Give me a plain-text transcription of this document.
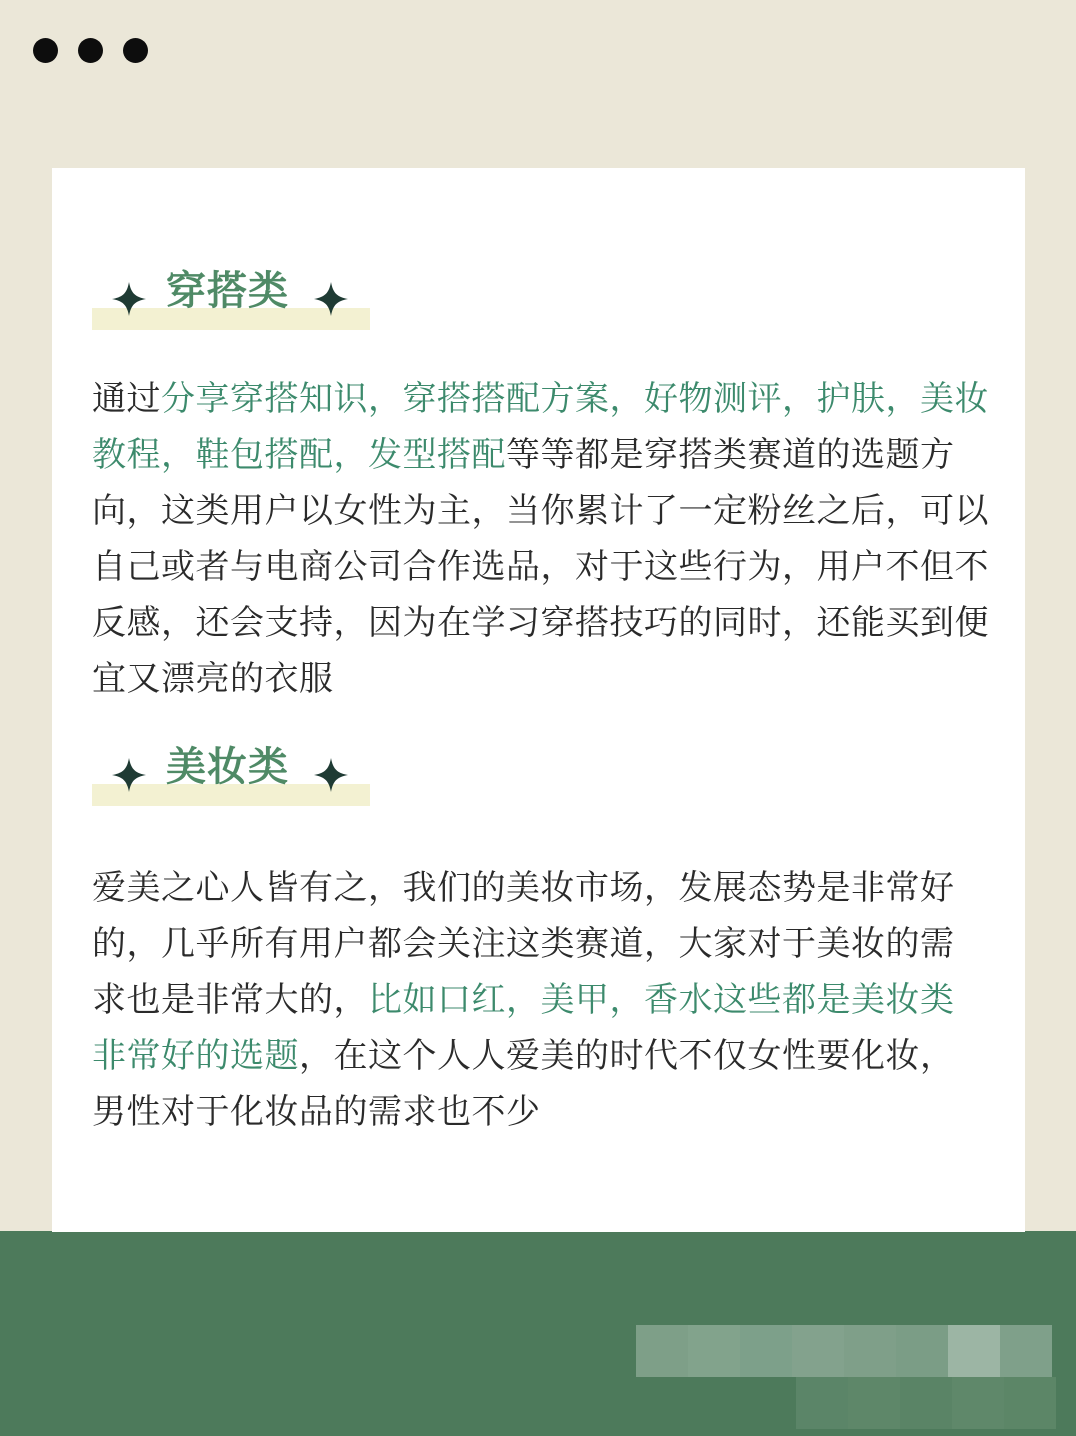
穿搭类
通过分享穿搭知识，穿搭搭配方案，好物测评，护肤，美妆教程，鞋包搭配，发型搭配等等都是穿搭类赛道的选题方向，这类用户以女性为主，当你累计了一定粉丝之后，可以自己或者与电商公司合作选品，对于这些行为，用户不但不反感，还会支持，因为在学习穿搭技巧的同时，还能买到便宜又漂亮的衣服
美妆类
爱美之心人皆有之，我们的美妆市场，发展态势是非常好的，几乎所有用户都会关注这类赛道，大家对于美妆的需求也是非常大的，比如口红，美甲，香水这些都是美妆类非常好的选题，在这个人人爱美的时代不仅女性要化妆，男性对于化妆品的需求也不少
